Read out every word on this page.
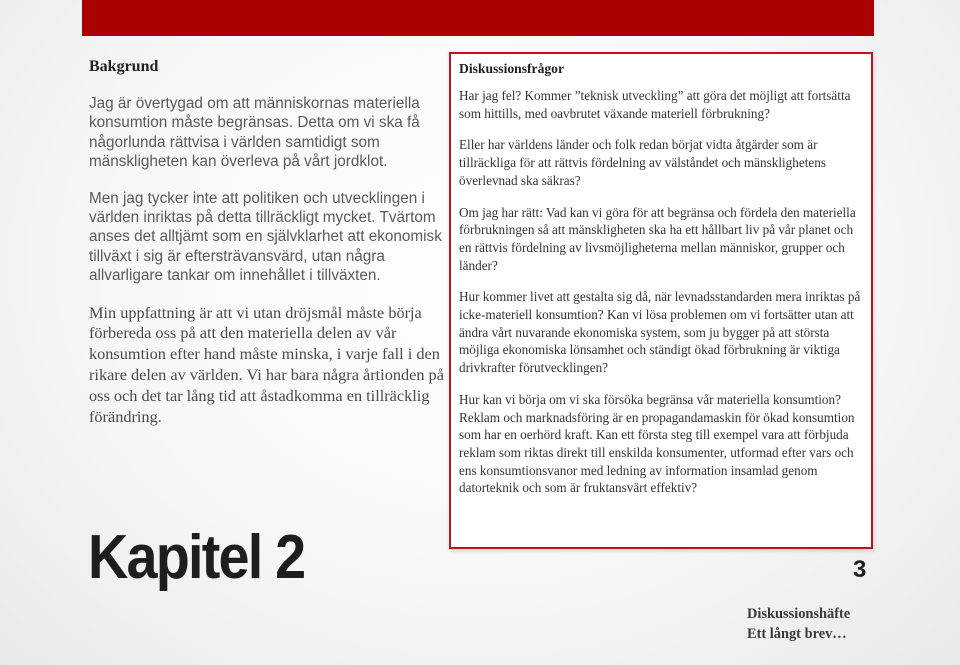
Bakgrund

Jag är övertygad om att människornas materiella konsumtion måste begränsas. Detta om vi ska få någorlunda rättvisa i världen samtidigt som mänskligheten kan överleva på vårt jordklot.

Men jag tycker inte att politiken och utvecklingen i världen inriktas på detta tillräckligt mycket. Tvärtom anses det alltjämt som en självklarhet att ekonomisk tillväxt i sig är eftersträvansvärd, utan några allvarligare tankar om innehållet i tillväxten.

Min uppfattning är att vi utan dröjsmål måste börja förbereda oss på att den materiella delen av vår konsumtion efter hand måste minska, i varje fall i den rikare delen av världen. Vi har bara några årtionden på oss och det tar lång tid att åstadkomma en tillräcklig förändring.

Kapitel 2
Diskussionsfrågor

Har jag fel? Kommer ”teknisk utveckling” att göra det möjligt att fortsätta som hittills, med oavbrutet växande materiell förbrukning?

Eller har världens länder och folk redan börjat vidta åtgärder som är tillräckliga för att rättvis fördelning av välståndet och mänsklighetens överlevnad ska säkras?

Om jag har rätt: Vad kan vi göra för att begränsa och fördela den materiella förbrukningen så att mänskligheten ska ha ett hållbart liv på vår planet och en rättvis fördelning av livsmöjligheterna mellan människor, grupper och länder?

Hur kommer livet att gestalta sig då, när levnadsstandarden mera inriktas på icke-materiell konsumtion? Kan vi lösa problemen om vi fortsätter utan att ändra vårt nuvarande ekonomiska system, som ju bygger på att största möjliga ekonomiska lönsamhet och ständigt ökad förbrukning är viktiga drivkrafter förutvecklingen?

Hur kan vi börja om vi ska försöka begränsa vår materiella konsumtion? Reklam och marknadsföring är en propagandamaskin för ökad konsumtion som har en oerhörd kraft. Kan ett första steg till exempel vara att förbjuda reklam som riktas direkt till enskilda konsumenter, utformad efter vars och ens konsumtionsvanor med ledning av information insamlad genom datorteknik och som är fruktansvärt effektiv?

3
Diskussionshäfte
Ett långt brev…
